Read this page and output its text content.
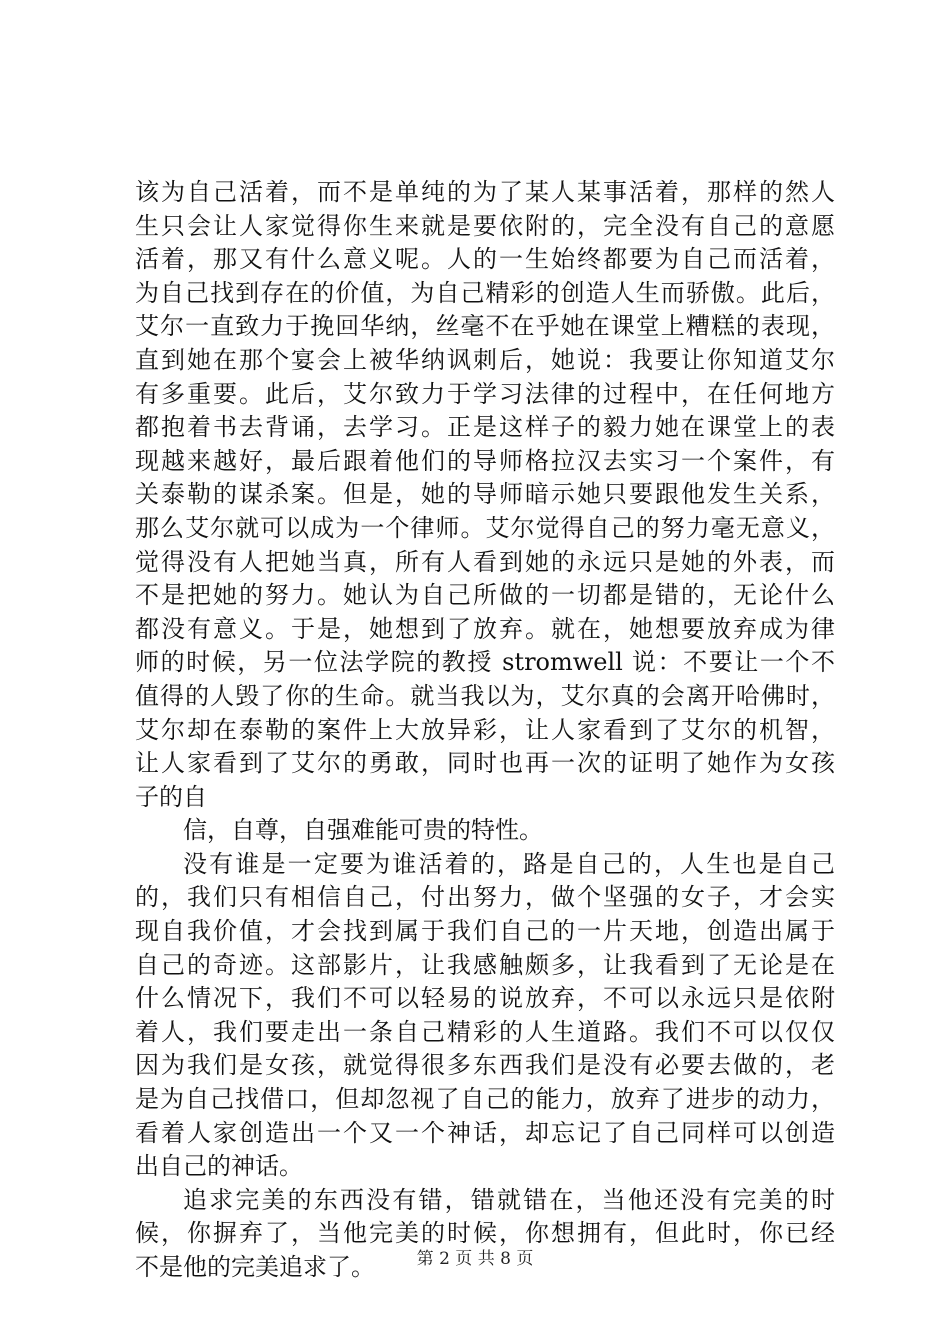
该为自己活着，而不是单纯的为了某人某事活着，那样的然人
生只会让人家觉得你生来就是要依附的，完全没有自己的意愿
活着，那又有什么意义呢。人的一生始终都要为自己而活着，
为自己找到存在的价值，为自己精彩的创造人生而骄傲。此后，
艾尔一直致力于挽回华纳，丝毫不在乎她在课堂上糟糕的表现，
直到她在那个宴会上被华纳讽刺后，她说：我要让你知道艾尔
有多重要。此后，艾尔致力于学习法律的过程中，在任何地方
都抱着书去背诵，去学习。正是这样子的毅力她在课堂上的表
现越来越好，最后跟着他们的导师格拉汉去实习一个案件，有
关泰勒的谋杀案。但是，她的导师暗示她只要跟他发生关系，
那么艾尔就可以成为一个律师。艾尔觉得自己的努力毫无意义，
觉得没有人把她当真，所有人看到她的永远只是她的外表，而
不是把她的努力。她认为自己所做的一切都是错的，无论什么
都没有意义。于是，她想到了放弃。就在，她想要放弃成为律
师的时候，另一位法学院的教授 stromwell 说：不要让一个不
值得的人毁了你的生命。就当我以为，艾尔真的会离开哈佛时，
艾尔却在泰勒的案件上大放异彩，让人家看到了艾尔的机智，
让人家看到了艾尔的勇敢，同时也再一次的证明了她作为女孩
子的自
信，自尊，自强难能可贵的特性。
没有谁是一定要为谁活着的，路是自己的，人生也是自己
的，我们只有相信自己，付出努力，做个坚强的女子，才会实
现自我价值，才会找到属于我们自己的一片天地，创造出属于
自己的奇迹。这部影片，让我感触颇多，让我看到了无论是在
什么情况下，我们不可以轻易的说放弃，不可以永远只是依附
着人，我们要走出一条自己精彩的人生道路。我们不可以仅仅
因为我们是女孩，就觉得很多东西我们是没有必要去做的，老
是为自己找借口，但却忽视了自己的能力，放弃了进步的动力，
看着人家创造出一个又一个神话，却忘记了自己同样可以创造
出自己的神话。
追求完美的东西没有错，错就错在，当他还没有完美的时
候，你摒弃了，当他完美的时候，你想拥有，但此时，你已经
不是他的完美追求了。	第 2 页 共 8 页
